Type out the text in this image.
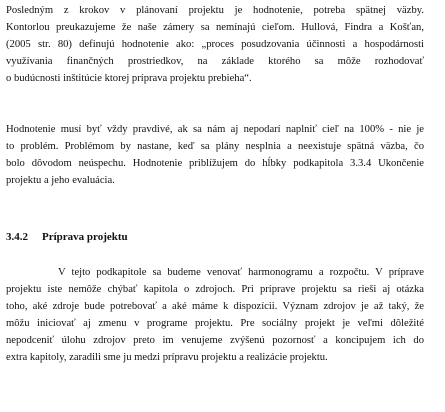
Posledným z krokov v plánovaní projektu je hodnotenie, potreba spätnej väzby.
Kontorlou preukazujeme že naše zámery sa nemínajú cieľom. Hullová, Findra a Košťan,
(2005 str. 80) definujú hodnotenie ako: „proces posudzovania účinnosti a hospodárnosti
využívania finančných prostriedkov, na základe ktorého sa môže rozhodovať
o budúcnosti inštitúcie ktorej príprava projektu prebieha“.

Hodnotenie musí byť vždy pravdivé, ak sa nám aj nepodarí naplniť cieľ na 100% - nie je
to problém. Problémom by nastane, keď sa plány nesplnia a neexistuje spätná väzba, čo
bolo dôvodom neúspechu. Hodnotenie priblížujem do hĺbky podkapitola 3.3.4 Ukončenie
projektu a jeho evaluácia.

3.4.2 Príprava projektu

V tejto podkapitole sa budeme venovať harmonogramu a rozpočtu. V príprave
projektu iste nemôže chýbať kapitola o zdrojoch. Pri príprave projektu sa rieši aj otázka
toho, aké zdroje bude potrebovať a aké máme k dispozícii. Význam zdrojov je až taký, že
môžu iniciovať aj zmenu v programe projektu. Pre sociálny projekt je veľmi dôležité
nepodceniť úlohu zdrojov preto im venujeme zvýšenú pozornosť a koncipujem ich do
extra kapitoly, zaradili sme ju medzi prípravu projektu a realizácie projektu.
